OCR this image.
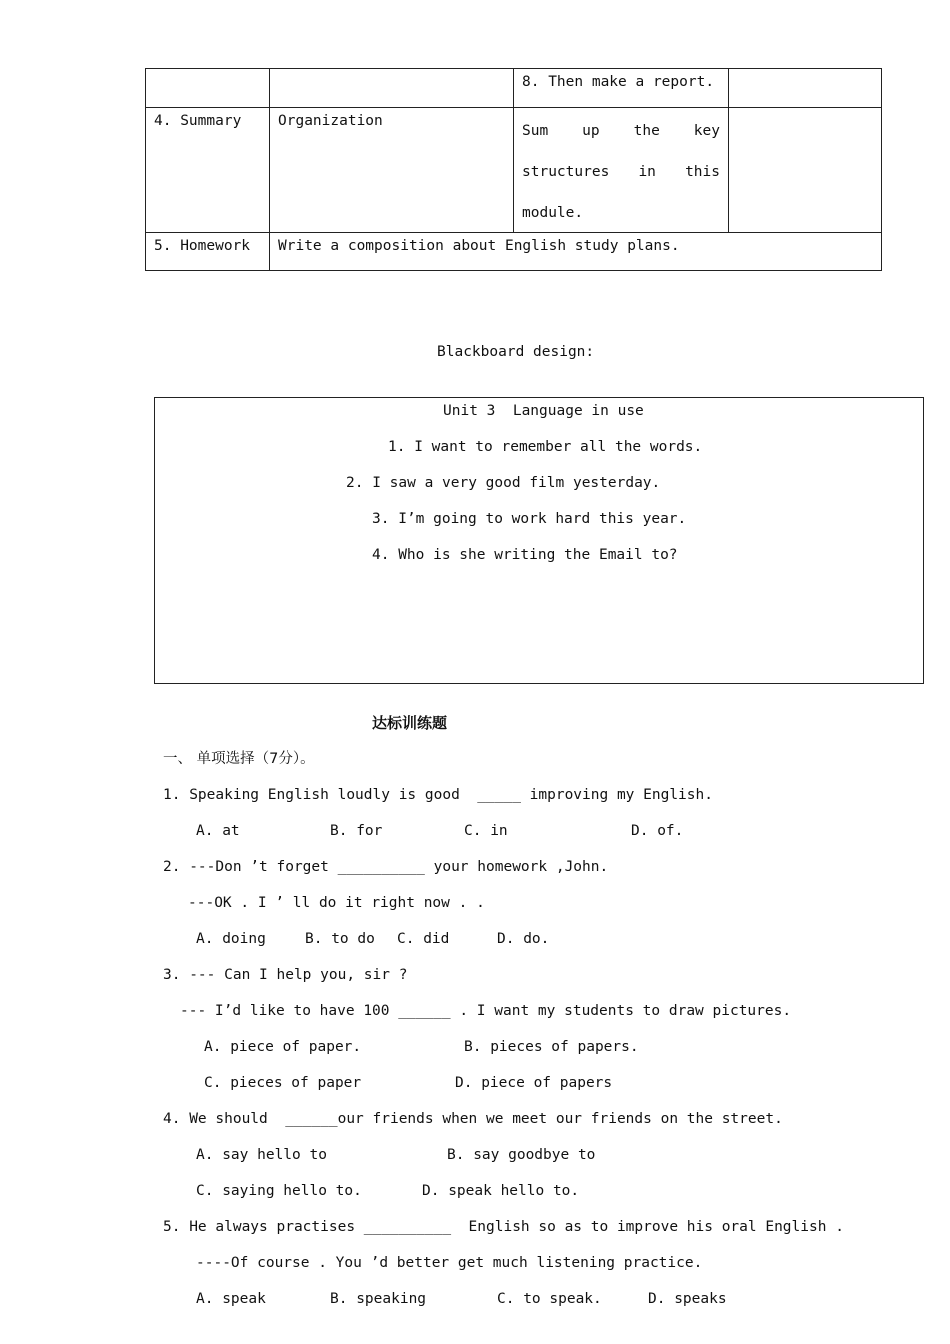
		8. Then make a report.	
4. Summary	Organization	Sum up the key structures in this module.	

5. Homework	Write a composition about English study plans.		
Blackboard design:
Unit 3  Language in use
1. I want to remember all the words.
2. I saw a very good film yesterday.
3. I’m going to work hard this year.
4. Who is she writing the Email to?
达标训练题
一、 单项选择（7分）。
1. Speaking English loudly is good  _____ improving my English.
A. at	B. for	C. in	D. of.
2. ---Don ’t forget __________ your homework ,John.
---OK . I ’ ll do it right now . .
A. doing	B. to do C. did	D. do.
3. --- Can I help you, sir ?
--- I’d like to have 100 ______ . I want my students to draw pictures.
A. piece of paper.	B. pieces of papers.
C. pieces of paper	D. piece of papers
4. We should  ______our friends when we meet our friends on the street.
A. say hello to	B. say goodbye to
C. saying hello to.	D. speak hello to.
5. He always practises __________  English so as to improve his oral English .
----Of course . You ’d better get much listening practice.
A. speak	B. speaking	C. to speak.	D. speaks
